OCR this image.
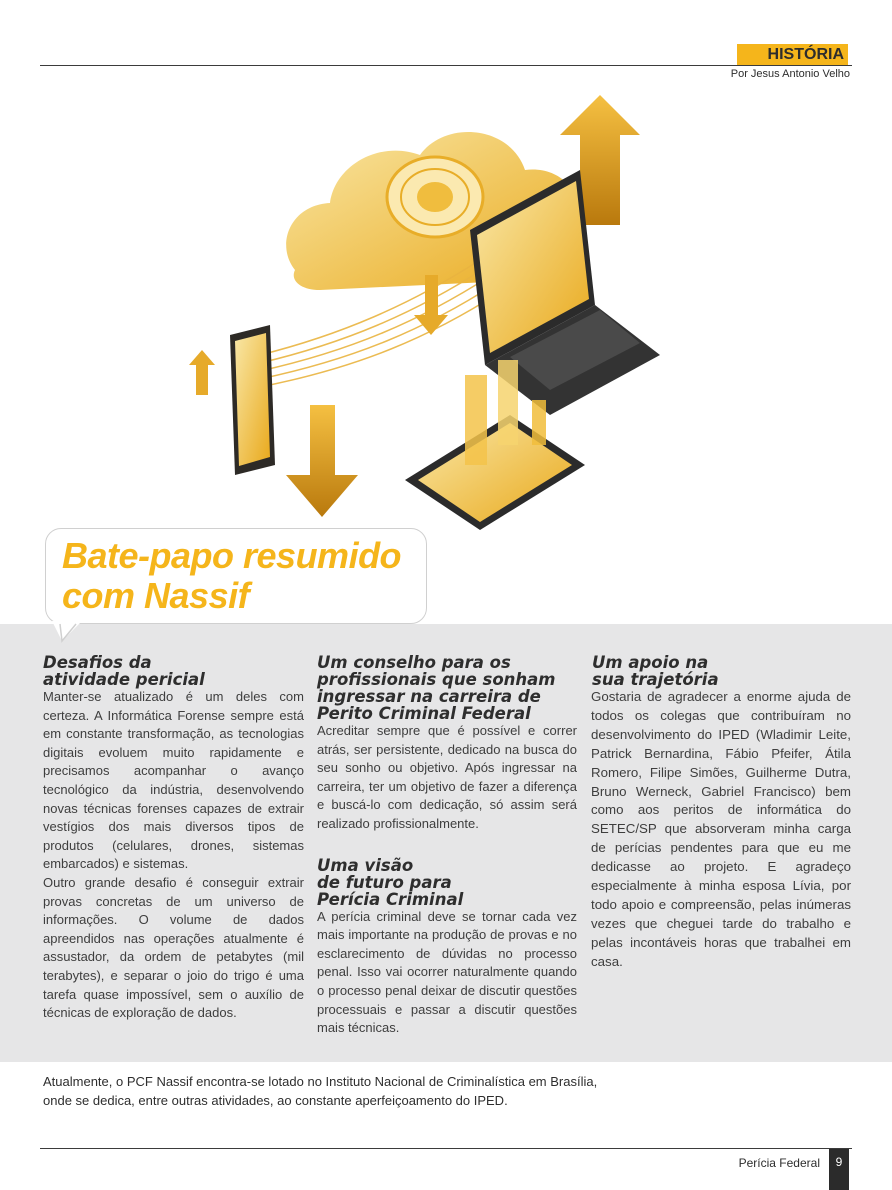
HISTÓRIA
Por Jesus Antonio Velho
Bate-papo resumido
com Nassif
Desafios da
atividade pericial

Manter-se atualizado é um deles com certeza. A Informática Forense sempre está em constante transformação, as tecnologias digitais evoluem muito rapidamente e precisamos acompanhar o avanço tecnológico da indústria, desenvolvendo novas técnicas forenses capazes de extrair vestígios dos mais diversos tipos de produtos (celulares, drones, sistemas embarcados) e sistemas.

Outro grande desafio é conseguir extrair provas concretas de um universo de informações. O volume de dados apreendidos nas operações atualmente é assustador, da ordem de petabytes (mil terabytes), e separar o joio do trigo é uma tarefa quase impossível, sem o auxílio de técnicas de exploração de dados.

Um conselho para os
profissionais que sonham
ingressar na carreira de
Perito Criminal Federal

Acreditar sempre que é possível e correr atrás, ser persistente, dedicado na busca do seu sonho ou objetivo. Após ingressar na carreira, ter um objetivo de fazer a diferença e buscá-lo com dedicação, só assim será realizado profissionalmente.

Uma visão
de futuro para
Perícia Criminal

A perícia criminal deve se tornar cada vez mais importante na produção de provas e no esclarecimento de dúvidas no processo penal. Isso vai ocorrer naturalmente quando o processo penal deixar de discutir questões processuais e passar a discutir questões mais técnicas.

Um apoio na
sua trajetória

Gostaria de agradecer a enorme ajuda de todos os colegas que contribuíram no desenvolvimento do IPED (Wladimir Leite, Patrick Bernardina, Fábio Pfeifer, Átila Romero, Filipe Simões, Guilherme Dutra, Bruno Werneck, Gabriel Francisco) bem como aos peritos de informática do SETEC/SP que absorveram minha carga de perícias pendentes para que eu me dedicasse ao projeto. E agradeço especialmente à minha esposa Lívia, por todo apoio e compreensão, pelas inúmeras vezes que cheguei tarde do trabalho e pelas incontáveis horas que trabalhei em casa.

Atualmente, o PCF Nassif encontra-se lotado no Instituto Nacional de Criminalística em Brasília,
onde se dedica, entre outras atividades, ao constante aperfeiçoamento do IPED.

Perícia Federal	9
